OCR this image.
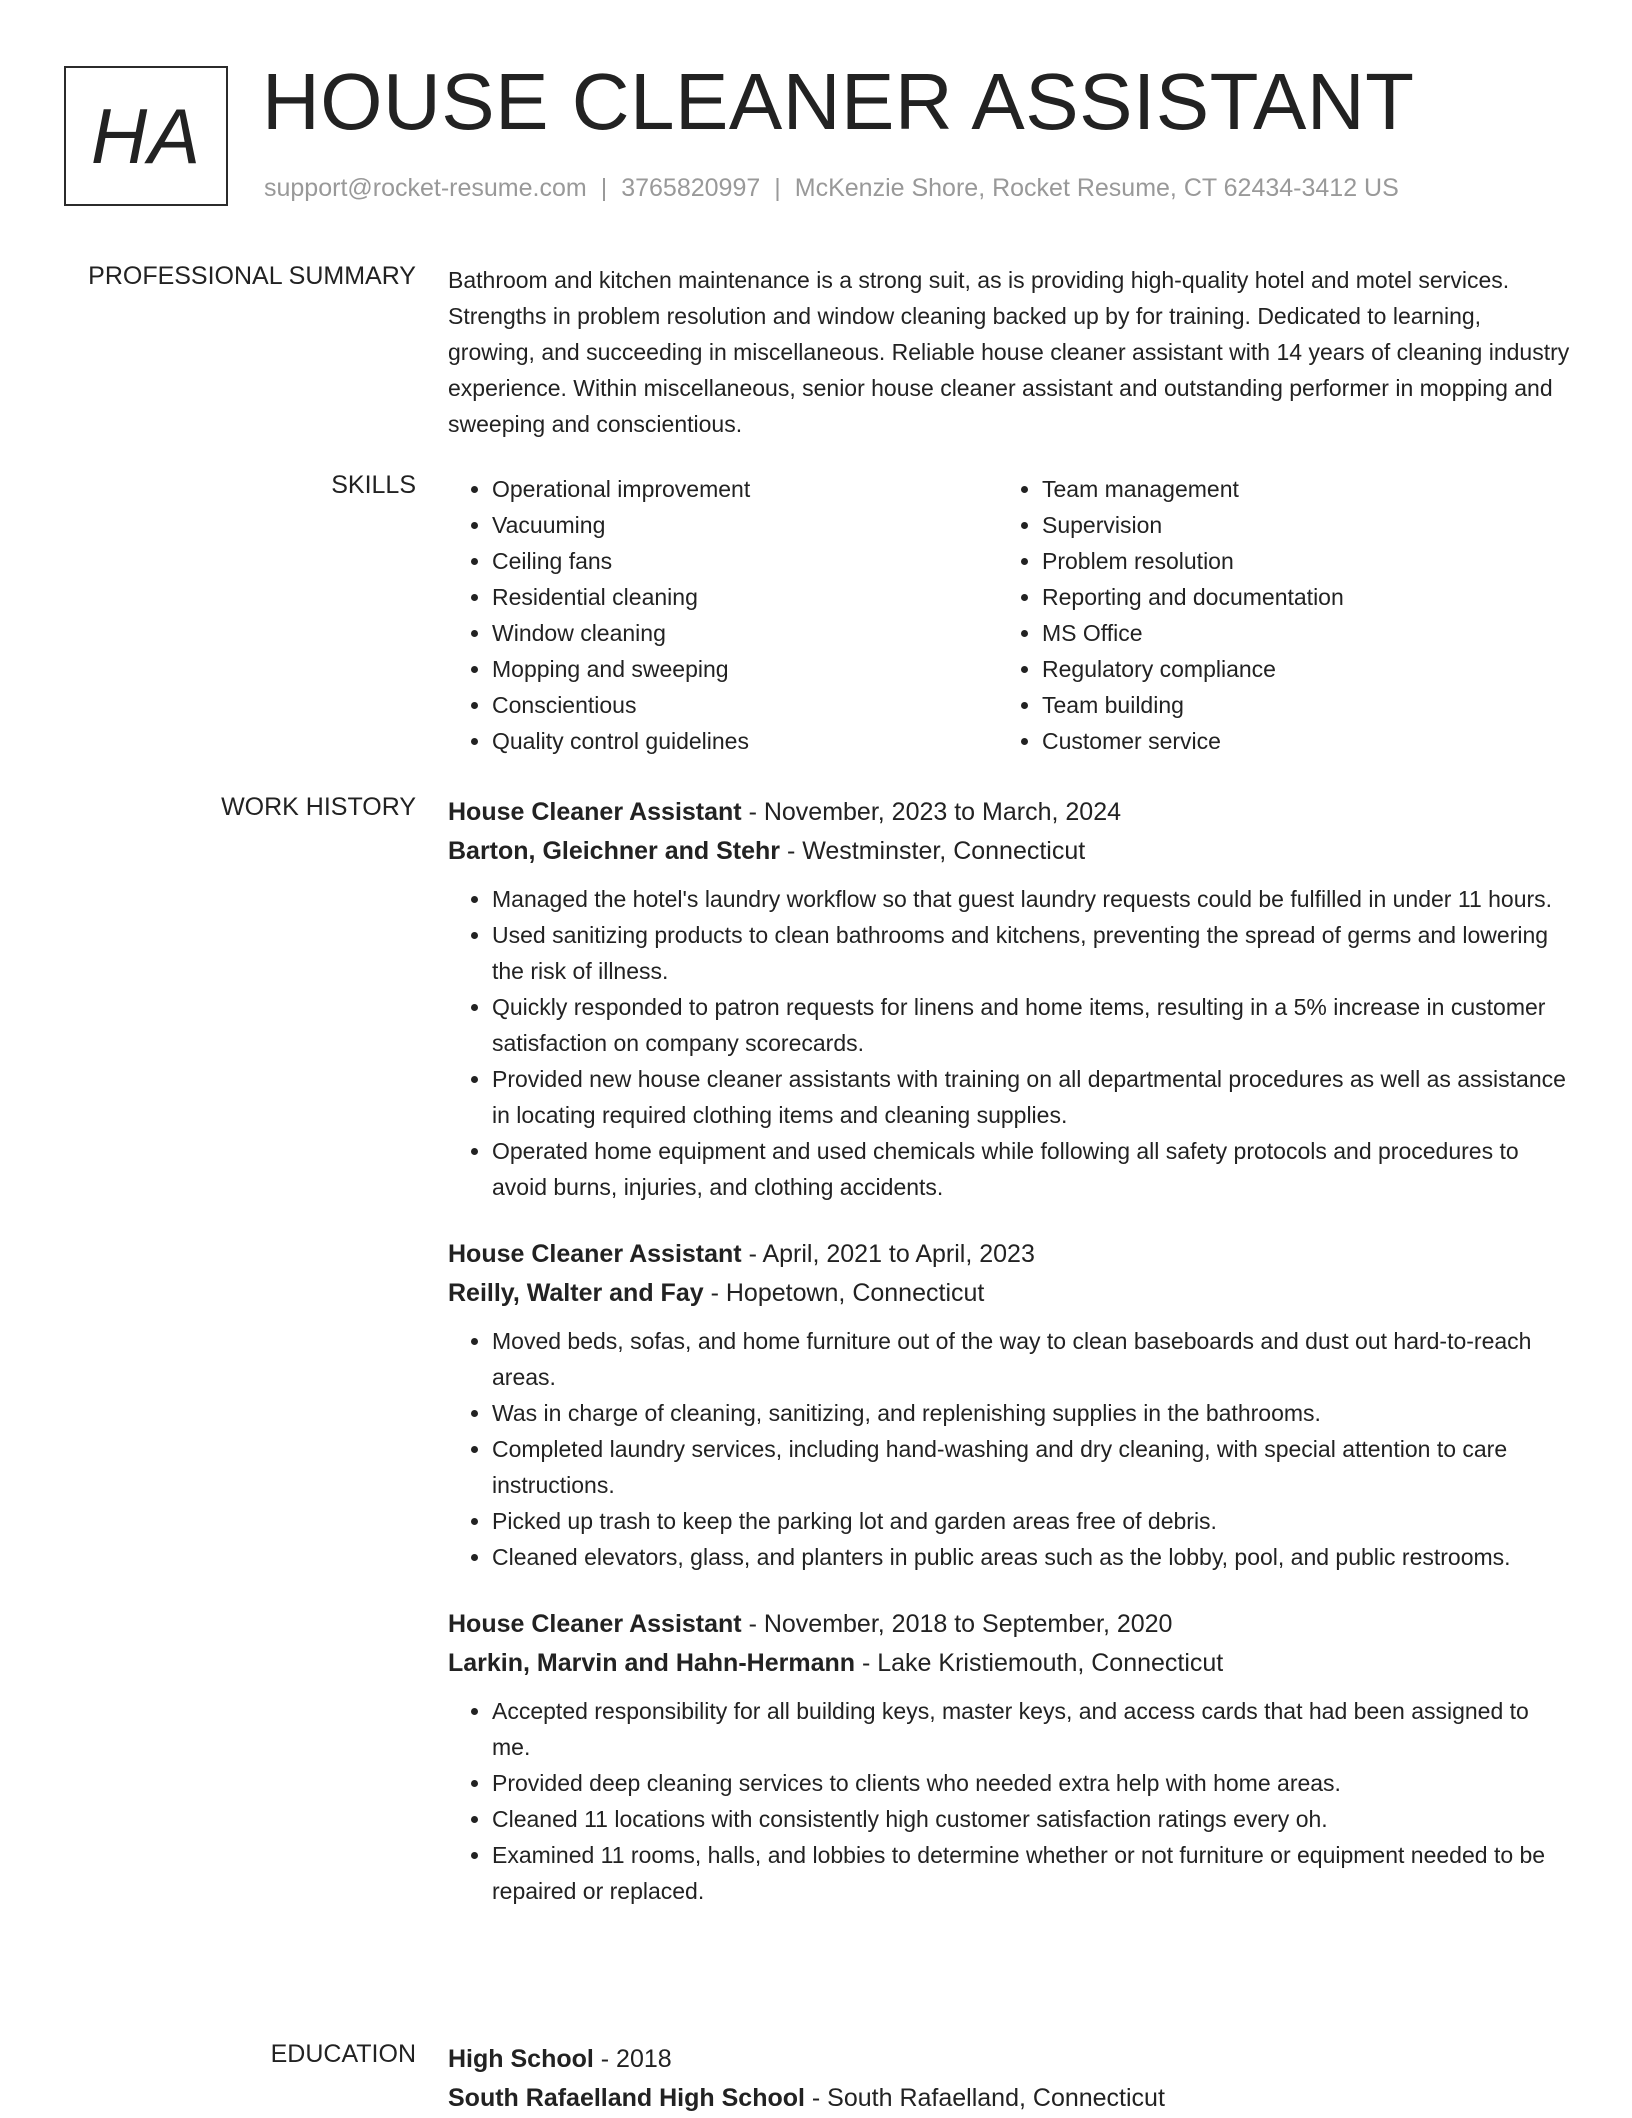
HA HOUSE CLEANER ASSISTANT
support@rocket-resume.com | 3765820997 | McKenzie Shore, Rocket Resume, CT 62434-3412 US
PROFESSIONAL SUMMARY Bathroom and kitchen maintenance is a strong suit, as is providing high-quality hotel and motel services. Strengths in problem resolution and window cleaning backed up by for training. Dedicated to learning, growing, and succeeding in miscellaneous. Reliable house cleaner assistant with 14 years of cleaning industry experience. Within miscellaneous, senior house cleaner assistant and outstanding performer in mopping and sweeping and conscientious.

SKILLS
•	Operational improvement
• Vacuuming
• Ceiling fans
• Residential cleaning
• Window cleaning
• Mopping and sweeping
• Conscientious
• Quality control guidelines
• Team management
• Supervision
• Problem resolution
• Reporting and documentation
• MS Office
• Regulatory compliance
• Team building
• Customer service
WORK HISTORY House Cleaner Assistant - November, 2023 to March, 2024
Barton, Gleichner and Stehr - Westminster, Connecticut
• Managed the hotel's laundry workflow so that guest laundry requests could be fulfilled in under 11 hours.
• Used sanitizing products to clean bathrooms and kitchens, preventing the spread of germs and lowering the risk of illness.
• Quickly responded to patron requests for linens and home items, resulting in a 5% increase in customer satisfaction on company scorecards.
• Provided new house cleaner assistants with training on all departmental procedures as well as assistance in locating required clothing items and cleaning supplies.
• Operated home equipment and used chemicals while following all safety protocols and procedures to avoid burns, injuries, and clothing accidents.
House Cleaner Assistant - April, 2021 to April, 2023
Reilly, Walter and Fay - Hopetown, Connecticut
• Moved beds, sofas, and home furniture out of the way to clean baseboards and dust out hard-to-reach areas.
• Was in charge of cleaning, sanitizing, and replenishing supplies in the bathrooms.
• Completed laundry services, including hand-washing and dry cleaning, with special attention to care instructions.
• Picked up trash to keep the parking lot and garden areas free of debris.
• Cleaned elevators, glass, and planters in public areas such as the lobby, pool, and public restrooms.
House Cleaner Assistant - November, 2018 to September, 2020
Larkin, Marvin and Hahn-Hermann - Lake Kristiemouth, Connecticut
• Accepted responsibility for all building keys, master keys, and access cards that had been assigned to me.
• Provided deep cleaning services to clients who needed extra help with home areas.
• Cleaned 11 locations with consistently high customer satisfaction ratings every oh.
• Examined 11 rooms, halls, and lobbies to determine whether or not furniture or equipment needed to be repaired or replaced.
EDUCATION High School - 2018
South Rafaelland High School - South Rafaelland, Connecticut
